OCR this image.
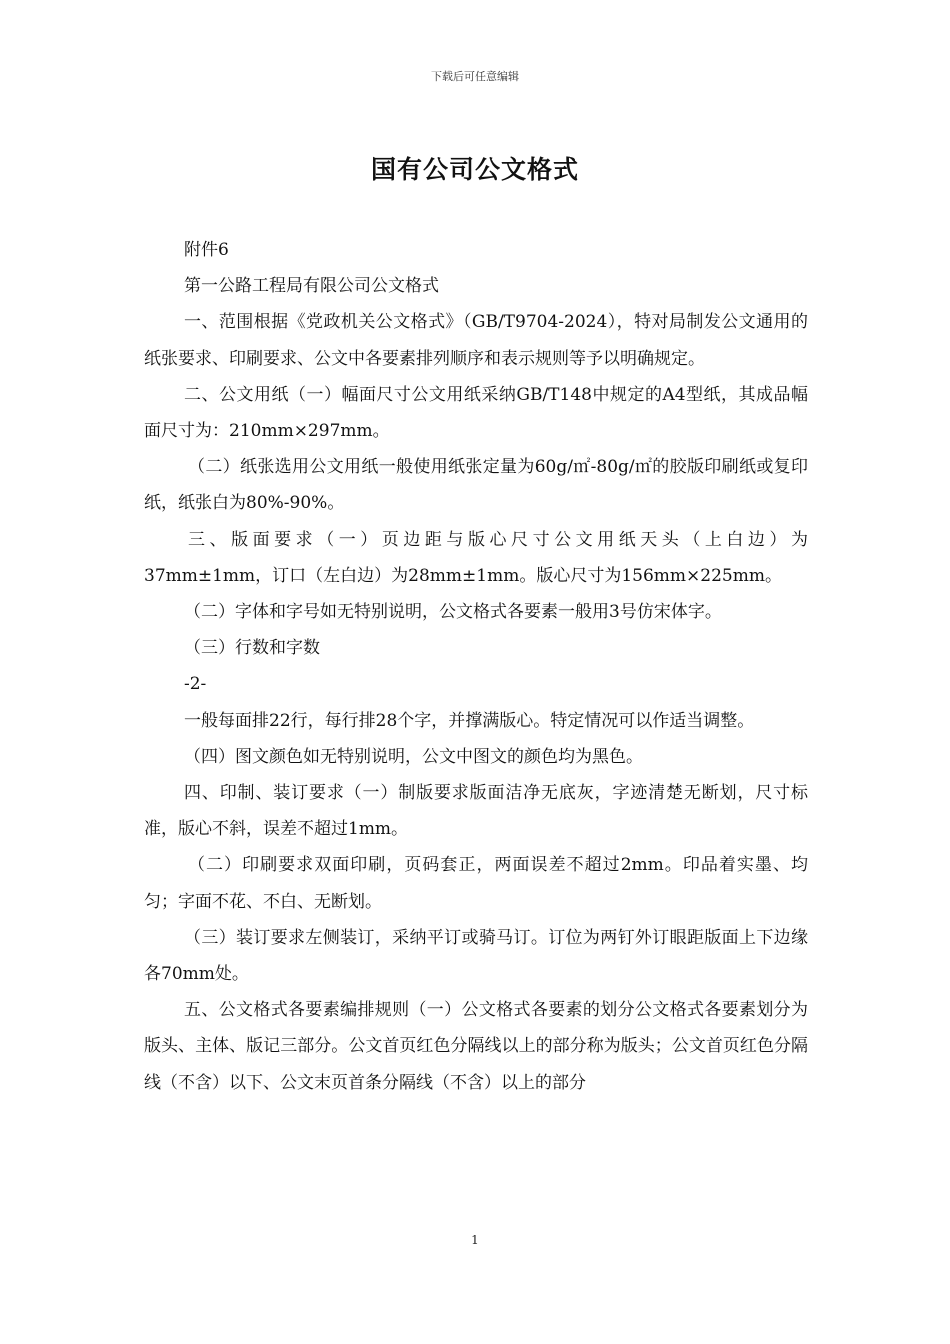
下载后可任意编辑
国有公司公文格式

附件6

第一公路工程局有限公司公文格式

一、范围根据《党政机关公文格式》（GB/T9704-2024），特对局制发公文通用的纸张要求、印刷要求、公文中各要素排列顺序和表示规则等予以明确规定。

二、公文用纸（一）幅面尺寸公文用纸采纳GB/T148中规定的A4型纸，其成品幅面尺寸为：210mm×297mm。

（二）纸张选用公文用纸一般使用纸张定量为60g/㎡-80g/㎡的胶版印刷纸或复印纸，纸张白为80%-90%。

三、版面要求（一）页边距与版心尺寸公文用纸天头（上白边）为37mm±1mm，订口（左白边）为28mm±1mm。版心尺寸为156mm×225mm。

（二）字体和字号如无特别说明，公文格式各要素一般用3号仿宋体字。

（三）行数和字数

-2-

一般每面排22行，每行排28个字，并撑满版心。特定情况可以作适当调整。

（四）图文颜色如无特别说明，公文中图文的颜色均为黑色。

四、印制、装订要求（一）制版要求版面洁净无底灰，字迹清楚无断划，尺寸标准，版心不斜，误差不超过1mm。

（二）印刷要求双面印刷，页码套正，两面误差不超过2mm。印品着实墨、均匀；字面不花、不白、无断划。

（三）装订要求左侧装订，采纳平订或骑马订。订位为两钉外订眼距版面上下边缘各70mm处。

五、公文格式各要素编排规则（一）公文格式各要素的划分公文格式各要素划分为版头、主体、版记三部分。公文首页红色分隔线以上的部分称为版头；公文首页红色分隔线（不含）以下、公文末页首条分隔线（不含）以上的部分

1
